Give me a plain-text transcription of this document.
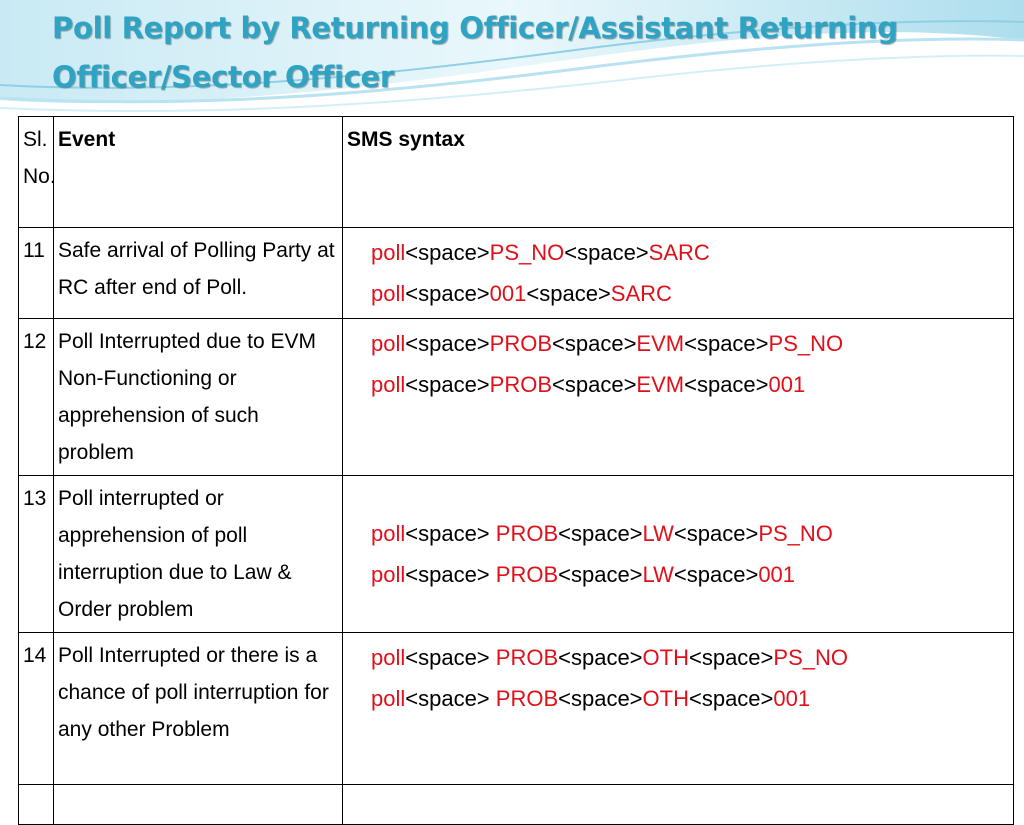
Poll Report by Returning Officer/Assistant Returning Officer/Sector Officer
Sl. No.	Event	SMS syntax
11	Safe arrival of Polling Party at RC after end of Poll.	poll<space>PS_NO<space>SARC
poll<space>001<space>SARC

12	Poll Interrupted due to EVM Non-Functioning or apprehension of such problem	poll<space>PROB<space>EVM<space>PS_NO
poll<space>PROB<space>EVM<space>001

13	Poll interrupted or apprehension of poll interruption due to Law & Order problem	poll<space> PROB<space>LW<space>PS_NO
poll<space> PROB<space>LW<space>001

14	Poll Interrupted or there is a chance of poll interruption for any other Problem	poll<space> PROB<space>OTH<space>PS_NO
poll<space> PROB<space>OTH<space>001
